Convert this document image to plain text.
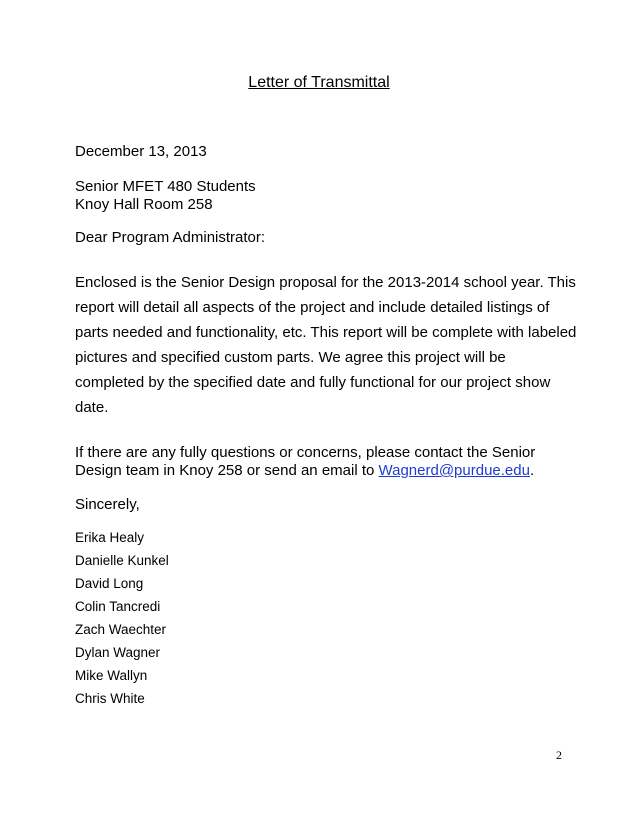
Letter of Transmittal
December 13, 2013
Senior MFET 480 Students
Knoy Hall Room 258
Dear Program Administrator:
Enclosed is the Senior Design proposal for the 2013-2014 school year. This
report will detail all aspects of the project and include detailed listings of
parts needed and functionality, etc. This report will be complete with labeled
pictures and specified custom parts. We agree this project will be
completed by the specified date and fully functional for our project show
date.
If there are any fully questions or concerns, please contact the Senior
Design team in Knoy 258 or send an email to Wagnerd@purdue.edu.
Sincerely,
Erika Healy
Danielle Kunkel
David Long
Colin Tancredi
Zach Waechter
Dylan Wagner
Mike Wallyn
Chris White
2
